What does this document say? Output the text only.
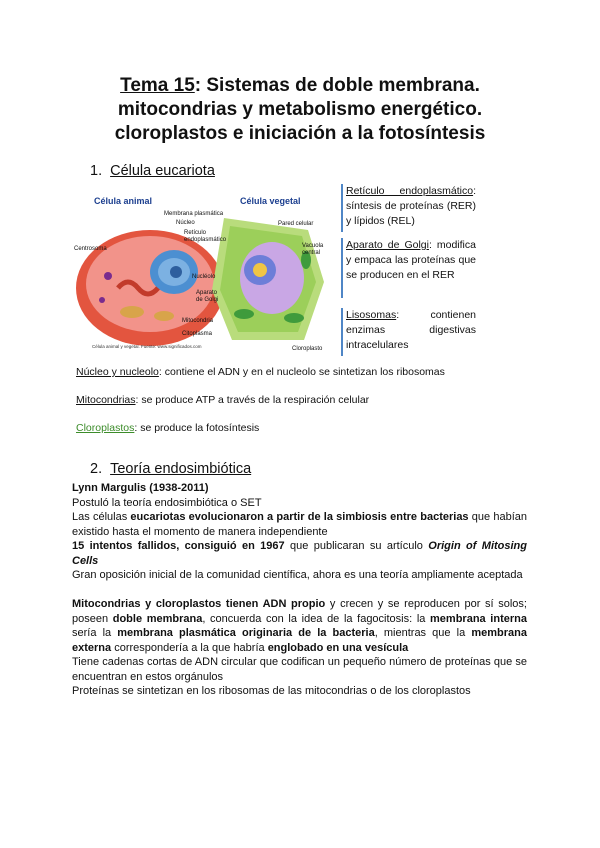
Tema 15: Sistemas de doble membrana.
mitocondrias y metabolismo energético.
cloroplastos e iniciación a la fotosíntesis
1. Célula eucariota
Célula animal	Célula vegetal
Membrana plasmática
Núcleo
Retículo
endoplasmático
Centrosoma
Nucléolo
Aparato
de Golgi
Mitocondria
Citoplasma
Pared celular
Vacuola
central
Cloroplasto
Célula animal y vegetal. Fuente: www.significados.com
Retículo endoplasmático: síntesis de proteínas (RER) y lípidos (REL)
Aparato de Golgi: modifica y empaca las proteínas que se producen en el RER
Lisosomas: contienen enzimas digestivas intracelulares
Núcleo y nucleolo: contiene el ADN y en el nucleolo se sintetizan los ribosomas
Mitocondrias: se produce ATP a través de la respiración celular
Cloroplastos: se produce la fotosíntesis
2. Teoría endosimbiótica
Lynn Margulis (1938-2011)
Postuló la teoría endosimbiótica o SET
Las células eucariotas evolucionaron a partir de la simbiosis entre bacterias que habían existido hasta el momento de manera independiente
15 intentos fallidos, consiguió en 1967 que publicaran su artículo Origin of Mitosing Cells
Gran oposición inicial de la comunidad científica, ahora es una teoría ampliamente aceptada
Mitocondrias y cloroplastos tienen ADN propio y crecen y se reproducen por sí solos; poseen doble membrana, concuerda con la idea de la fagocitosis: la membrana interna sería la membrana plasmática originaria de la bacteria, mientras que la membrana externa correspondería a la que habría englobado en una vesícula
Tiene cadenas cortas de ADN circular que codifican un pequeño número de proteínas que se encuentran en estos orgánulos
Proteínas se sintetizan en los ribosomas de las mitocondrias o de los cloroplastos
